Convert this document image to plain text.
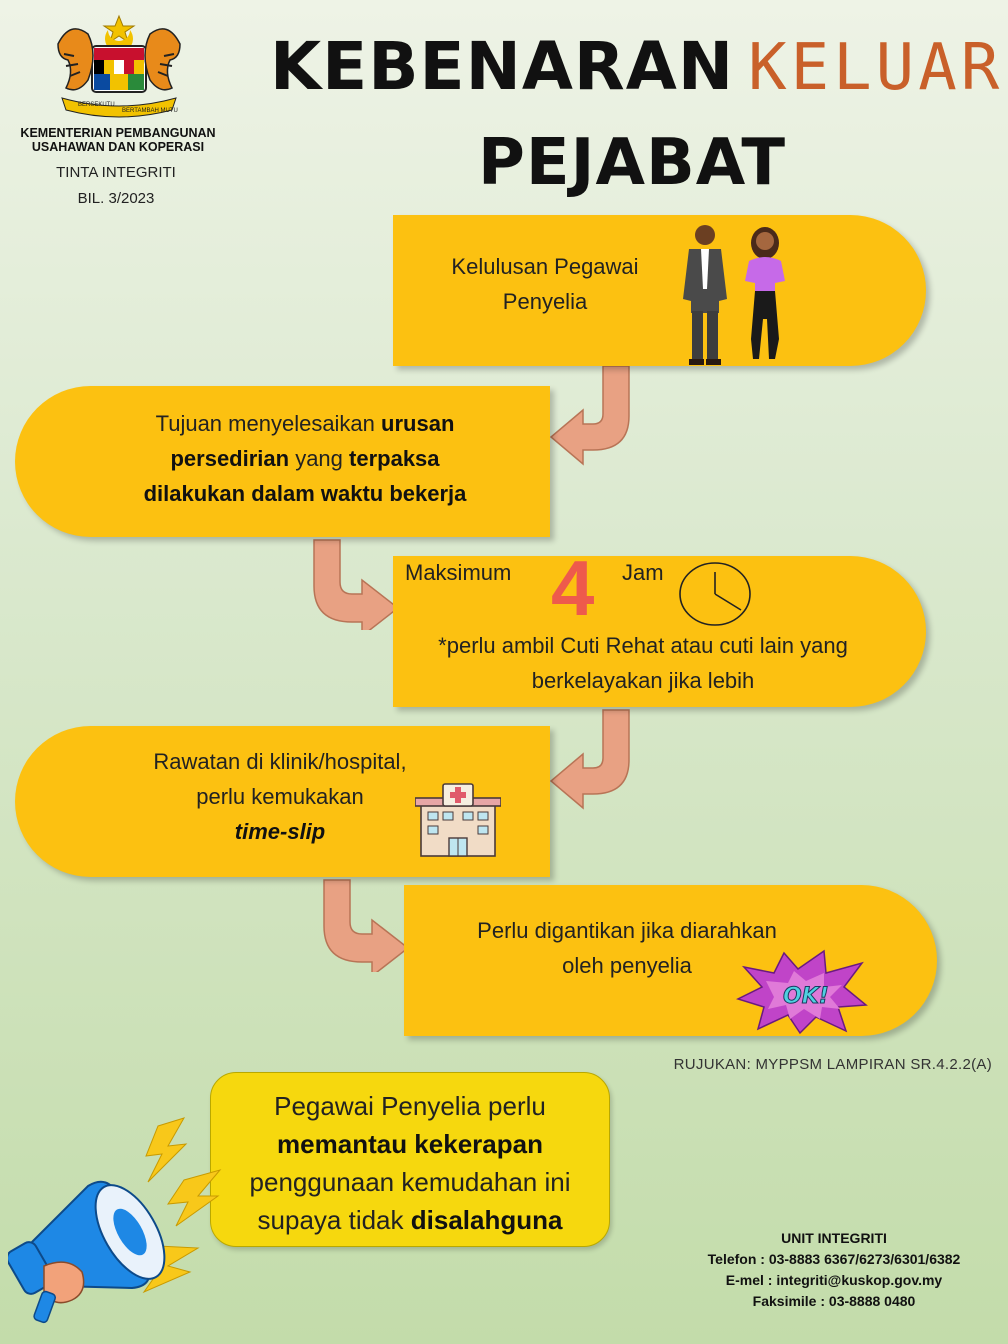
BERSEKUTU
BERTAMBAH MUTU
KEMENTERIAN PEMBANGUNAN
USAHAWAN DAN KOPERASI
TINTA INTEGRITI
BIL. 3/2023
KEBENARAN KELUAR
PEJABAT
Kelulusan Pegawai
Penyelia
Tujuan menyelesaikan urusan
persedirian yang terpaksa
dilakukan dalam waktu bekerja
Maksimum 4 Jam
*perlu ambil Cuti Rehat atau cuti lain yang
berkelayakan jika lebih
Rawatan di klinik/hospital,
perlu kemukakan
time-slip
Perlu digantikan jika diarahkan
oleh penyelia
OK!
RUJUKAN: MYPPSM LAMPIRAN SR.4.2.2(A)
Pegawai Penyelia perlu
memantau kekerapan
penggunaan kemudahan ini
supaya tidak disalahguna
UNIT INTEGRITI
Telefon : 03-8883 6367/6273/6301/6382
E-mel : integriti@kuskop.gov.my
Faksimile : 03-8888 0480
